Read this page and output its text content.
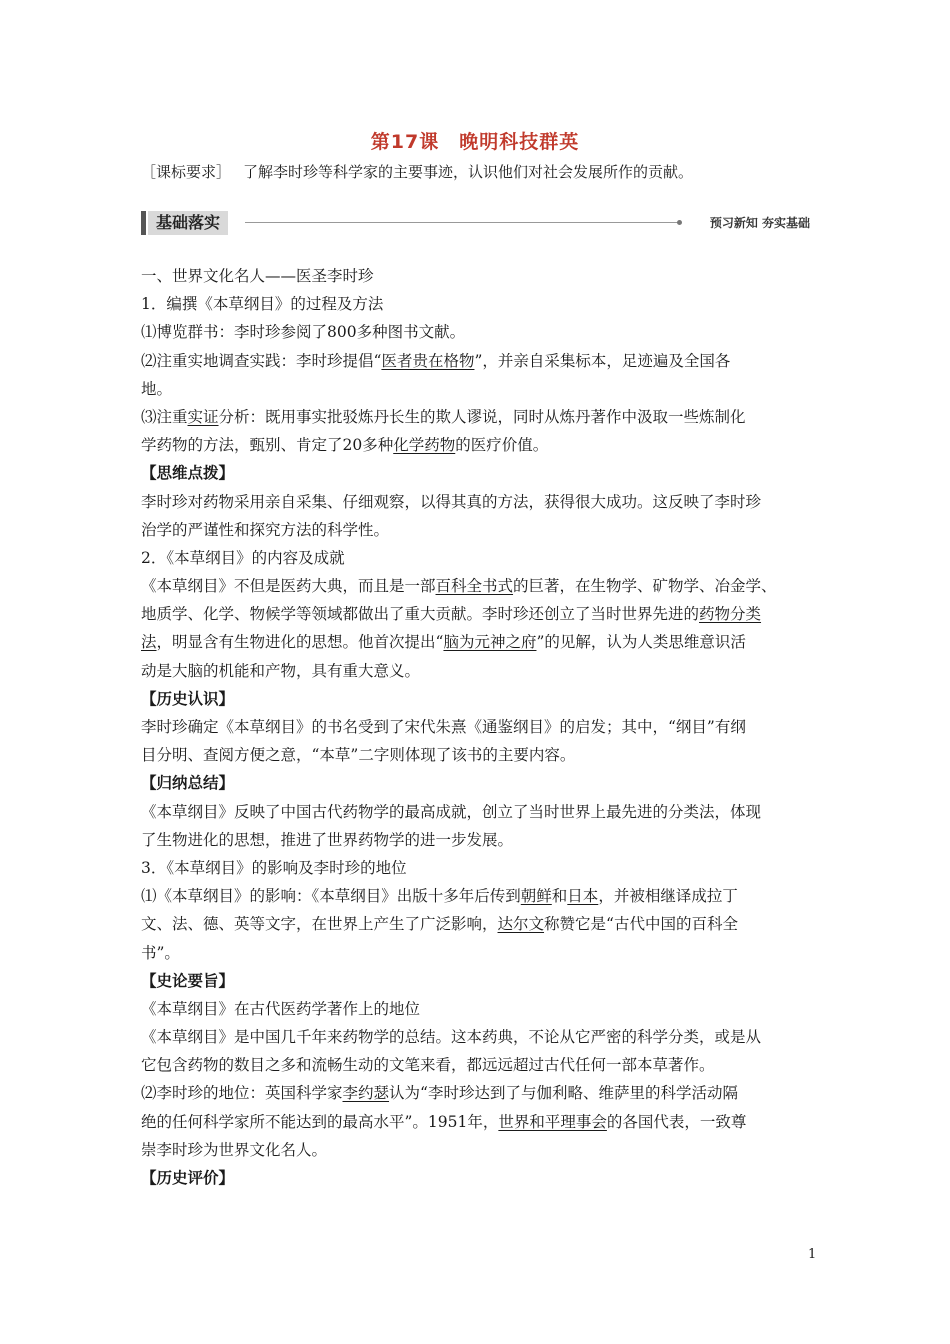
第17课　晚明科技群英
［课标要求］ 了解李时珍等科学家的主要事迹，认识他们对社会发展所作的贡献。
基础落实	预习新知 夯实基础
一、世界文化名人——医圣李时珍
1．编撰《本草纲目》的过程及方法
⑴博览群书：李时珍参阅了800多种图书文献。
⑵注重实地调查实践：李时珍提倡“医者贵在格物”，并亲自采集标本，足迹遍及全国各
地。
⑶注重实证分析：既用事实批驳炼丹长生的欺人谬说，同时从炼丹著作中汲取一些炼制化
学药物的方法，甄别、肯定了20多种化学药物的医疗价值。
【思维点拨】
李时珍对药物采用亲自采集、仔细观察，以得其真的方法，获得很大成功。这反映了李时珍
治学的严谨性和探究方法的科学性。
2．《本草纲目》的内容及成就
《本草纲目》不但是医药大典，而且是一部百科全书式的巨著，在生物学、矿物学、冶金学、
地质学、化学、物候学等领域都做出了重大贡献。李时珍还创立了当时世界先进的药物分类
法，明显含有生物进化的思想。他首次提出“脑为元神之府”的见解，认为人类思维意识活
动是大脑的机能和产物，具有重大意义。
【历史认识】
李时珍确定《本草纲目》的书名受到了宋代朱熹《通鉴纲目》的启发；其中，“纲目”有纲
目分明、查阅方便之意，“本草”二字则体现了该书的主要内容。
【归纳总结】
《本草纲目》反映了中国古代药物学的最高成就，创立了当时世界上最先进的分类法，体现
了生物进化的思想，推进了世界药物学的进一步发展。
3．《本草纲目》的影响及李时珍的地位
⑴《本草纲目》的影响：《本草纲目》出版十多年后传到朝鲜和日本，并被相继译成拉丁
文、法、德、英等文字，在世界上产生了广泛影响，达尔文称赞它是“古代中国的百科全
书”。
【史论要旨】
《本草纲目》在古代医药学著作上的地位
《本草纲目》是中国几千年来药物学的总结。这本药典，不论从它严密的科学分类，或是从
它包含药物的数目之多和流畅生动的文笔来看，都远远超过古代任何一部本草著作。
⑵李时珍的地位：英国科学家李约瑟认为“李时珍达到了与伽利略、维萨里的科学活动隔
绝的任何科学家所不能达到的最高水平”。1951年，世界和平理事会的各国代表，一致尊
崇李时珍为世界文化名人。
【历史评价】
1
